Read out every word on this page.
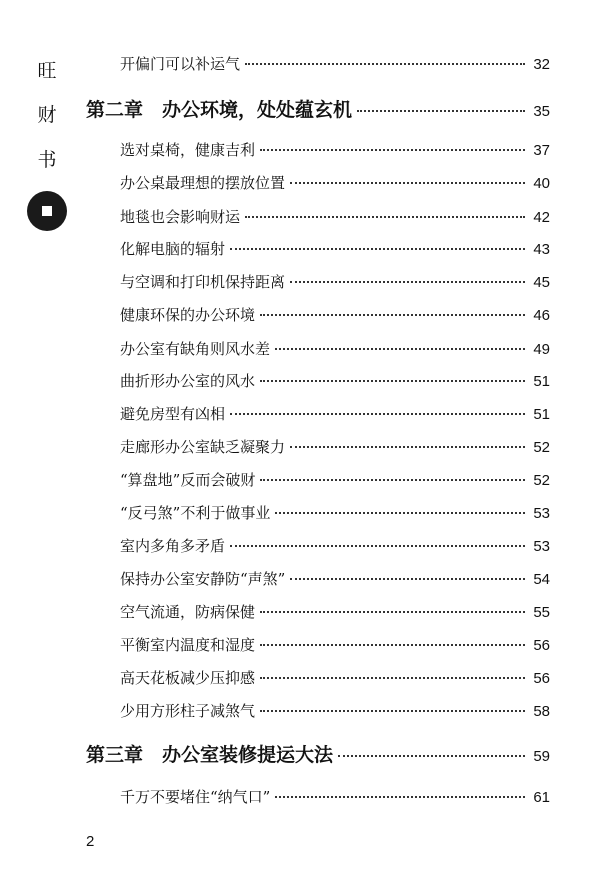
旺
财
书
开偏门可以补运气	32
第二章　办公环境，处处蕴玄机	35
选对桌椅，健康吉利	37
办公桌最理想的摆放位置	40
地毯也会影响财运	42
化解电脑的辐射	43
与空调和打印机保持距离	45
健康环保的办公环境	46
办公室有缺角则风水差	49
曲折形办公室的风水	51
避免房型有凶相	51
走廊形办公室缺乏凝聚力	52
“算盘地”反而会破财	52
“反弓煞”不利于做事业	53
室内多角多矛盾	53
保持办公室安静防“声煞”	54
空气流通，防病保健	55
平衡室内温度和湿度	56
高天花板减少压抑感	56
少用方形柱子减煞气	58
第三章　办公室装修提运大法	59
千万不要堵住“纳气口”	61
2
